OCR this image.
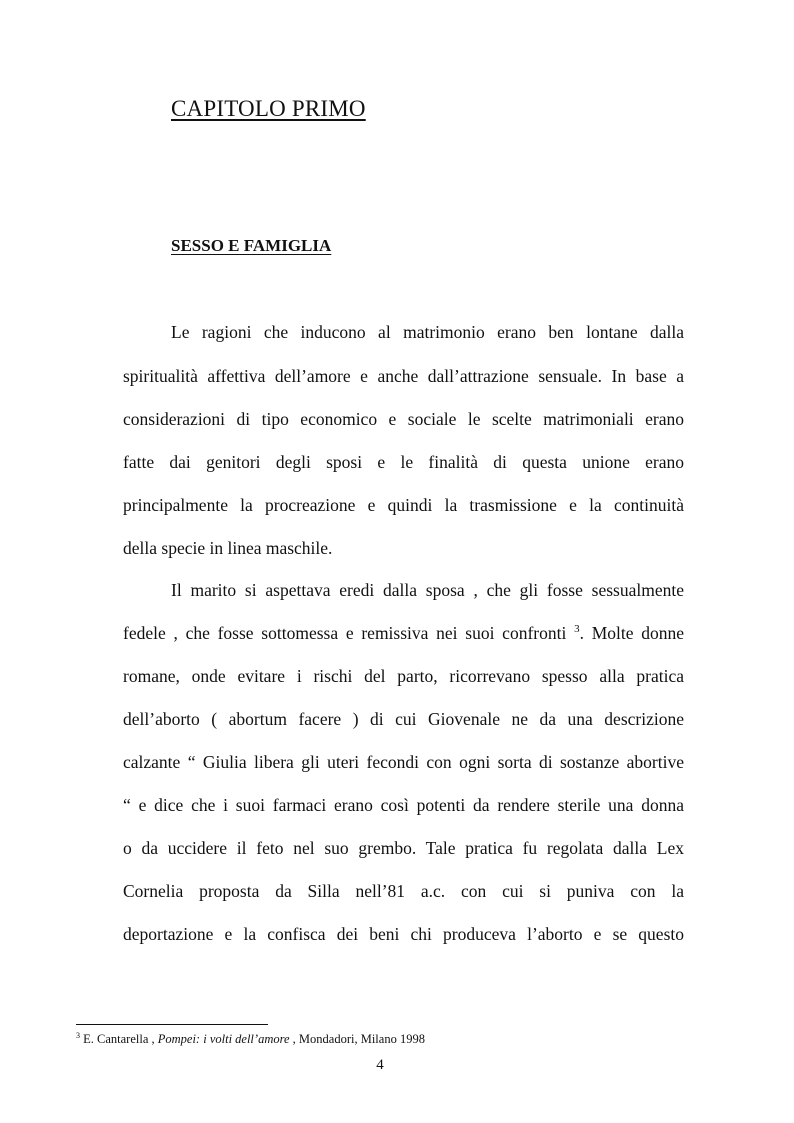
CAPITOLO PRIMO
SESSO E FAMIGLIA
Le ragioni che inducono al matrimonio erano ben lontane dalla
spiritualità affettiva dell’amore e anche dall’attrazione sensuale. In base a
considerazioni di tipo economico e sociale le scelte matrimoniali erano
fatte dai genitori degli sposi e le finalità di questa unione erano
principalmente la procreazione e quindi la trasmissione e la continuità
della specie in linea maschile.
Il marito si aspettava eredi dalla sposa , che gli fosse sessualmente
fedele , che fosse sottomessa e remissiva nei suoi confronti $^3$. Molte donne
romane, onde evitare i rischi del parto, ricorrevano spesso alla pratica
dell’aborto ( abortum facere ) di cui Giovenale ne da una descrizione
calzante “ Giulia libera gli uteri fecondi con ogni sorta di sostanze abortive
“ e dice che i suoi farmaci erano così potenti da rendere sterile una donna
o da uccidere il feto nel suo grembo. Tale pratica fu regolata dalla Lex
Cornelia proposta da Silla nell’81 a.c. con cui si puniva con la
deportazione e la confisca dei beni chi produceva l’aborto e se questo
$^3$ E. Cantarella , Pompei: i volti dell’amore , Mondadori, Milano 1998
4
